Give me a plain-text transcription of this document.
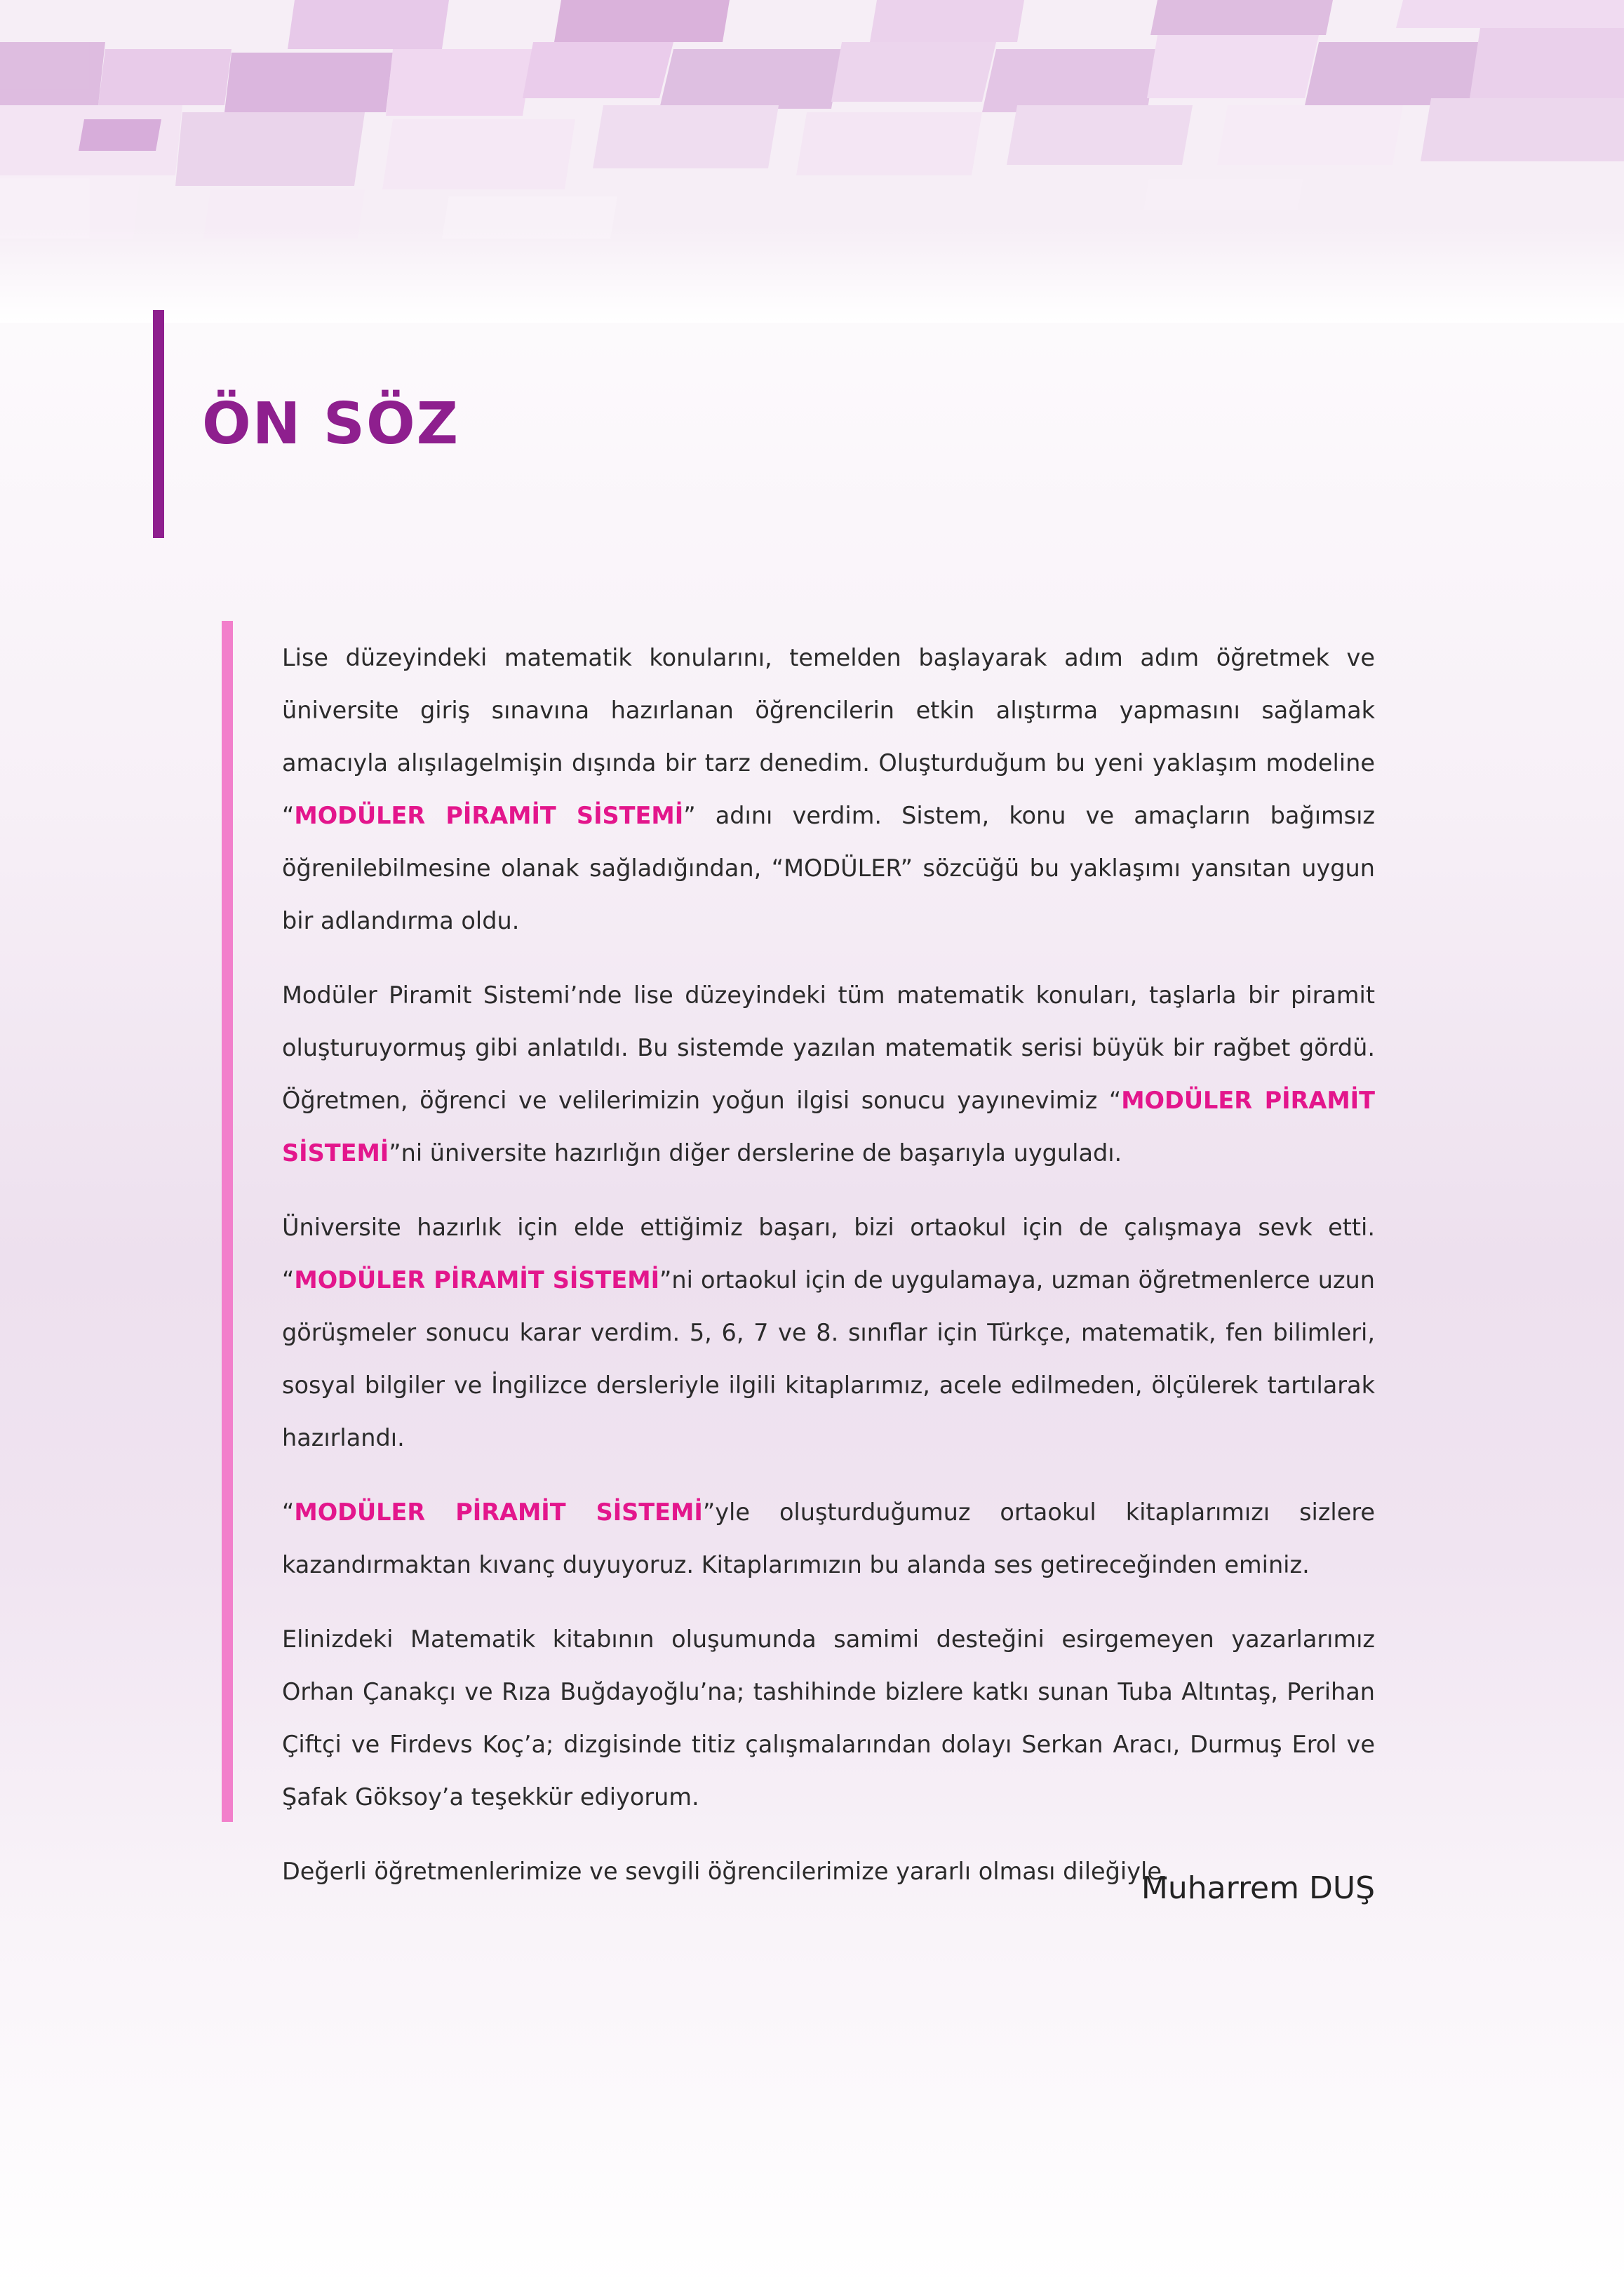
ÖN SÖZ

Lise düzeyindeki matematik konularını, temelden başlayarak adım adım öğretmek ve üniversite giriş sınavına hazırlanan öğrencilerin etkin alıştırma yapmasını sağlamak amacıyla alışılagelmişin dışında bir tarz denedim. Oluşturduğum bu yeni yaklaşım modeline “MODÜLER PİRAMİT SİSTEMİ” adını verdim. Sistem, konu ve amaçların bağımsız öğrenilebilmesine olanak sağladığından, “MODÜLER” sözcüğü bu yaklaşımı yansıtan uygun bir adlandırma oldu.

Modüler Piramit Sistemi’nde lise düzeyindeki tüm matematik konuları, taşlarla bir piramit oluşturuyormuş gibi anlatıldı. Bu sistemde yazılan matematik serisi büyük bir rağbet gördü. Öğretmen, öğrenci ve velilerimizin yoğun ilgisi sonucu yayınevimiz “MODÜLER PİRAMİT SİSTEMİ”ni üniversite hazırlığın diğer derslerine de başarıyla uyguladı.

Üniversite hazırlık için elde ettiğimiz başarı, bizi ortaokul için de çalışmaya sevk etti. “MODÜLER PİRAMİT SİSTEMİ”ni ortaokul için de uygulamaya, uzman öğretmenlerce uzun görüşmeler sonucu karar verdim. 5, 6, 7 ve 8. sınıflar için Türkçe, matematik, fen bilimleri, sosyal bilgiler ve İngilizce dersleriyle ilgili kitaplarımız, acele edilmeden, ölçülerek tartılarak hazırlandı.

“MODÜLER PİRAMİT SİSTEMİ”yle oluşturduğumuz ortaokul kitaplarımızı sizlere kazandırmaktan kıvanç duyuyoruz. Kitaplarımızın bu alanda ses getireceğinden eminiz.

Elinizdeki Matematik kitabının oluşumunda samimi desteğini esirgemeyen yazarlarımız Orhan Çanakçı ve Rıza Buğdayoğlu’na; tashihinde bizlere katkı sunan Tuba Altıntaş, Perihan Çiftçi ve Firdevs Koç’a; dizgisinde titiz çalışmalarından dolayı Serkan Aracı, Durmuş Erol ve Şafak Göksoy’a teşekkür ediyorum.

Değerli öğretmenlerimize ve sevgili öğrencilerimize yararlı olması dileğiyle.

Muharrem DUŞ
